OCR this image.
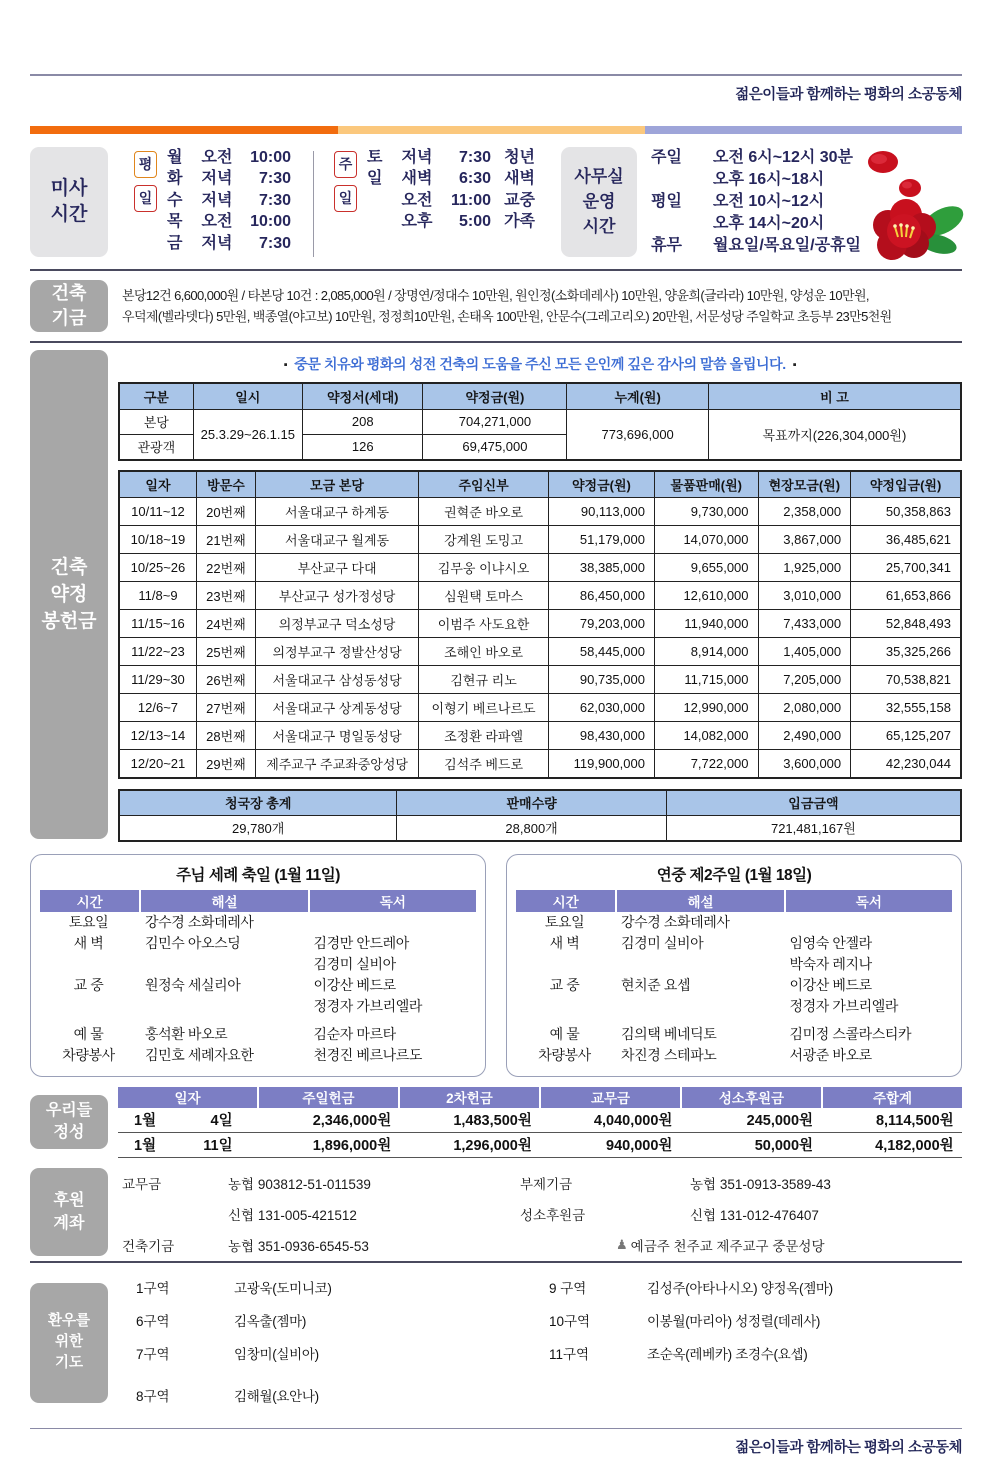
젊은이들과 함께하는 평화의 소공동체
미사
시간
평
일
월	오전	10:00
화	저녁	7:30
수	저녁	7:30
목	오전	10:00
금	저녁	7:30
주
일
토	저녁	7:30 청년
일	새벽	6:30 새벽
오전	11:00 교중
오후	5:00 가족
사무실
운영
시간
주일	오전 6시~12시 30분
오후 16시~18시
평일	오전 10시~12시
오후 14시~20시
휴무	월요일/목요일/공휴일
건축
기금
본당12건 6,600,000원 / 타본당 10건 : 2,085,000원 / 장명연/정대수 10만원, 원인정(소화데레사) 10만원, 양윤희(글라라) 10만원, 양성운 10만원,
우덕제(벨라뎃다) 5만원, 백종열(야고보) 10만원, 정정희10만원, 손태옥 100만원, 안문수(그레고리오) 20만원, 서문성당 주일학교 초등부 23만5천원
건축
약정
봉헌금
▪ 중문 치유와 평화의 성전 건축의 도움을 주신 모든 은인께 깊은 감사의 말씀 올립니다. ▪
구분	일시	약정서(세대)	약정금(원)	누계(원)	비 고
본당	25.3.29~26.1.15	208	704,271,000	773,696,000	목표까지(226,304,000원)
관광객		126	69,475,000		
일자	방문수	모금 본당	주임신부	약정금(원)	물품판매(원)	현장모금(원)	약정입금(원)
10/11~12	20번째	서울대교구 하계동	권혁준 바오로	90,113,000	9,730,000	2,358,000	50,358,863
10/18~19	21번째	서울대교구 월계동	강계원 도밍고	51,179,000	14,070,000	3,867,000	36,485,621
10/25~26	22번째	부산교구 다대	김무웅 이냐시오	38,385,000	9,655,000	1,925,000	25,700,341
11/8~9	23번째	부산교구 성가정성당	심원택 토마스	86,450,000	12,610,000	3,010,000	61,653,866
11/15~16	24번째	의정부교구 덕소성당	이범주 사도요한	79,203,000	11,940,000	7,433,000	52,848,493
11/22~23	25번째	의정부교구 정발산성당	조해인 바오로	58,445,000	8,914,000	1,405,000	35,325,266
11/29~30	26번째	서울대교구 삼성동성당	김현규 리노	90,735,000	11,715,000	7,205,000	70,538,821
12/6~7	27번째	서울대교구 상계동성당	이형기 베르나르도	62,030,000	12,990,000	2,080,000	32,555,158
12/13~14	28번째	서울대교구 명일동성당	조정환 라파엘	98,430,000	14,082,000	2,490,000	65,125,207
12/20~21	29번째	제주교구 주교좌중앙성당	김석주 베드로	119,900,000	7,722,000	3,600,000	42,230,044
청국장 총계	판매수량	입금금액
29,780개	28,800개	721,481,167원
주님 세례 축일 (1월 11일)
시간	해설	독서
토요일	강수경 소화데레사
새 벽	김민수 아오스딩	김경만 안드레아
김경미 실비아
교 중	원정숙 세실리아	이강산 베드로
정경자 가브리엘라
예 물	홍석환 바오로	김순자 마르타
차량봉사	김민호 세례자요한	천경진 베르나르도
연중 제2주일 (1월 18일)
시간	해설	독서
토요일	강수경 소화데레사
새 벽	김경미 실비아	임영숙 안젤라
박숙자 레지나
교 중	현치준 요셉	이강산 베드로
정경자 가브리엘라
예 물	김의택 베네딕토	김미정 스콜라스티카
차량봉사	차진경 스테파노	서광준 바오로
우리들
정성
일자	주일헌금	2차헌금	교무금	성소후원금	주합계
1월	4일	2,346,000원	1,483,500원	4,040,000원	245,000원	8,114,500원
1월	11일	1,896,000원	1,296,000원	940,000원	50,000원	4,182,000원
후원
계좌
교무금	농협 903812-51-011539	부제기금	농협 351-0913-3589-43
신협 131-005-421512	성소후원금	신협 131-012-476407
건축기금	농협 351-0936-6545-53	♟ 예금주 천주교 제주교구 중문성당
환우를
위한
기도
1구역	고광욱(도미니코)
6구역	김옥출(젬마)
7구역	임창미(실비아)
8구역	김해월(요안나)
9 구역	김성주(아타나시오) 양정옥(젬마)
10구역	이봉월(마리아) 성정렬(데레사)
11구역	조순옥(레베카) 조경수(요셉)
젊은이들과 함께하는 평화의 소공동체
